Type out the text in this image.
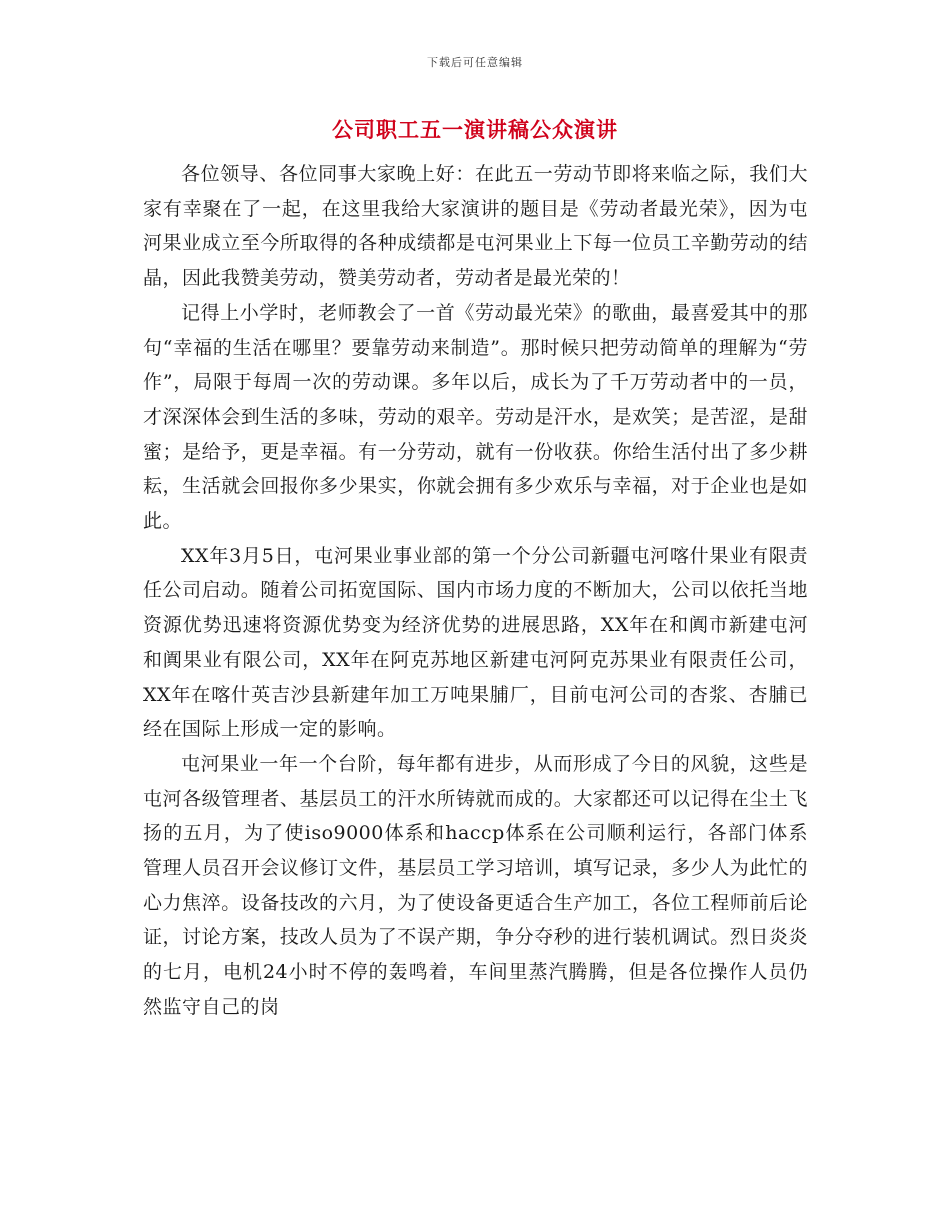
下载后可任意编辑
公司职工五一演讲稿公众演讲

各位领导、各位同事大家晚上好：在此五一劳动节即将来临之际，我们大家有幸聚在了一起，在这里我给大家演讲的题目是《劳动者最光荣》，因为屯河果业成立至今所取得的各种成绩都是屯河果业上下每一位员工辛勤劳动的结晶，因此我赞美劳动，赞美劳动者，劳动者是最光荣的！

记得上小学时，老师教会了一首《劳动最光荣》的歌曲，最喜爱其中的那句“幸福的生活在哪里？要靠劳动来制造”。那时候只把劳动简单的理解为“劳作”，局限于每周一次的劳动课。多年以后，成长为了千万劳动者中的一员，才深深体会到生活的多味，劳动的艰辛。劳动是汗水，是欢笑；是苦涩，是甜蜜；是给予，更是幸福。有一分劳动，就有一份收获。你给生活付出了多少耕耘，生活就会回报你多少果实，你就会拥有多少欢乐与幸福，对于企业也是如此。

XX年3月5日，屯河果业事业部的第一个分公司新疆屯河喀什果业有限责任公司启动。随着公司拓宽国际、国内市场力度的不断加大，公司以依托当地资源优势迅速将资源优势变为经济优势的进展思路，XX年在和阗市新建屯河和阗果业有限公司，XX年在阿克苏地区新建屯河阿克苏果业有限责任公司，XX年在喀什英吉沙县新建年加工万吨果脯厂，目前屯河公司的杏浆、杏脯已经在国际上形成一定的影响。

屯河果业一年一个台阶，每年都有进步，从而形成了今日的风貌，这些是屯河各级管理者、基层员工的汗水所铸就而成的。大家都还可以记得在尘土飞扬的五月，为了使iso9000体系和haccp体系在公司顺利运行，各部门体系管理人员召开会议修订文件，基层员工学习培训，填写记录，多少人为此忙的心力焦淬。设备技改的六月，为了使设备更适合生产加工，各位工程师前后论证，讨论方案，技改人员为了不误产期，争分夺秒的进行装机调试。烈日炎炎的七月，电机24小时不停的轰鸣着，车间里蒸汽腾腾，但是各位操作人员仍然监守自己的岗
